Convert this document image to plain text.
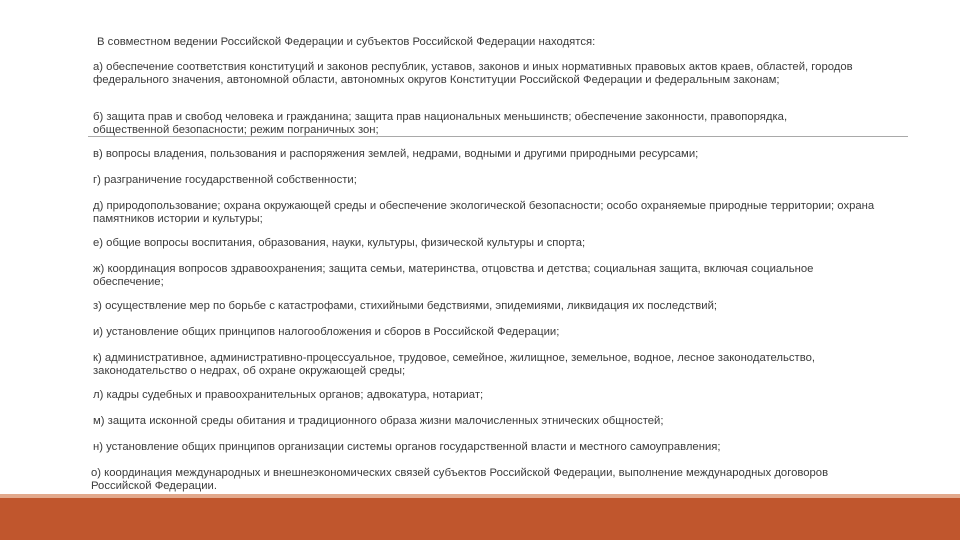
В совместном ведении Российской Федерации и субъектов Российской Федерации находятся:

а) обеспечение соответствия конституций и законов республик, уставов, законов и иных нормативных правовых актов краев, областей, городов федерального значения, автономной области, автономных округов Конституции Российской Федерации и федеральным законам;

б) защита прав и свобод человека и гражданина; защита прав национальных меньшинств; обеспечение законности, правопорядка, общественной безопасности; режим пограничных зон;

в) вопросы владения, пользования и распоряжения землей, недрами, водными и другими природными ресурсами;

г) разграничение государственной собственности;

д) природопользование; охрана окружающей среды и обеспечение экологической безопасности; особо охраняемые природные территории; охрана памятников истории и культуры;

е) общие вопросы воспитания, образования, науки, культуры, физической культуры и спорта;

ж) координация вопросов здравоохранения; защита семьи, материнства, отцовства и детства; социальная защита, включая социальное обеспечение;

з) осуществление мер по борьбе с катастрофами, стихийными бедствиями, эпидемиями, ликвидация их последствий;

и) установление общих принципов налогообложения и сборов в Российской Федерации;

к) административное, административно-процессуальное, трудовое, семейное, жилищное, земельное, водное, лесное законодательство, законодательство о недрах, об охране окружающей среды;

л) кадры судебных и правоохранительных органов; адвокатура, нотариат;

м) защита исконной среды обитания и традиционного образа жизни малочисленных этнических общностей;

н) установление общих принципов организации системы органов государственной власти и местного самоуправления;

о) координация международных и внешнеэкономических связей субъектов Российской Федерации, выполнение международных договоров Российской Федерации.
